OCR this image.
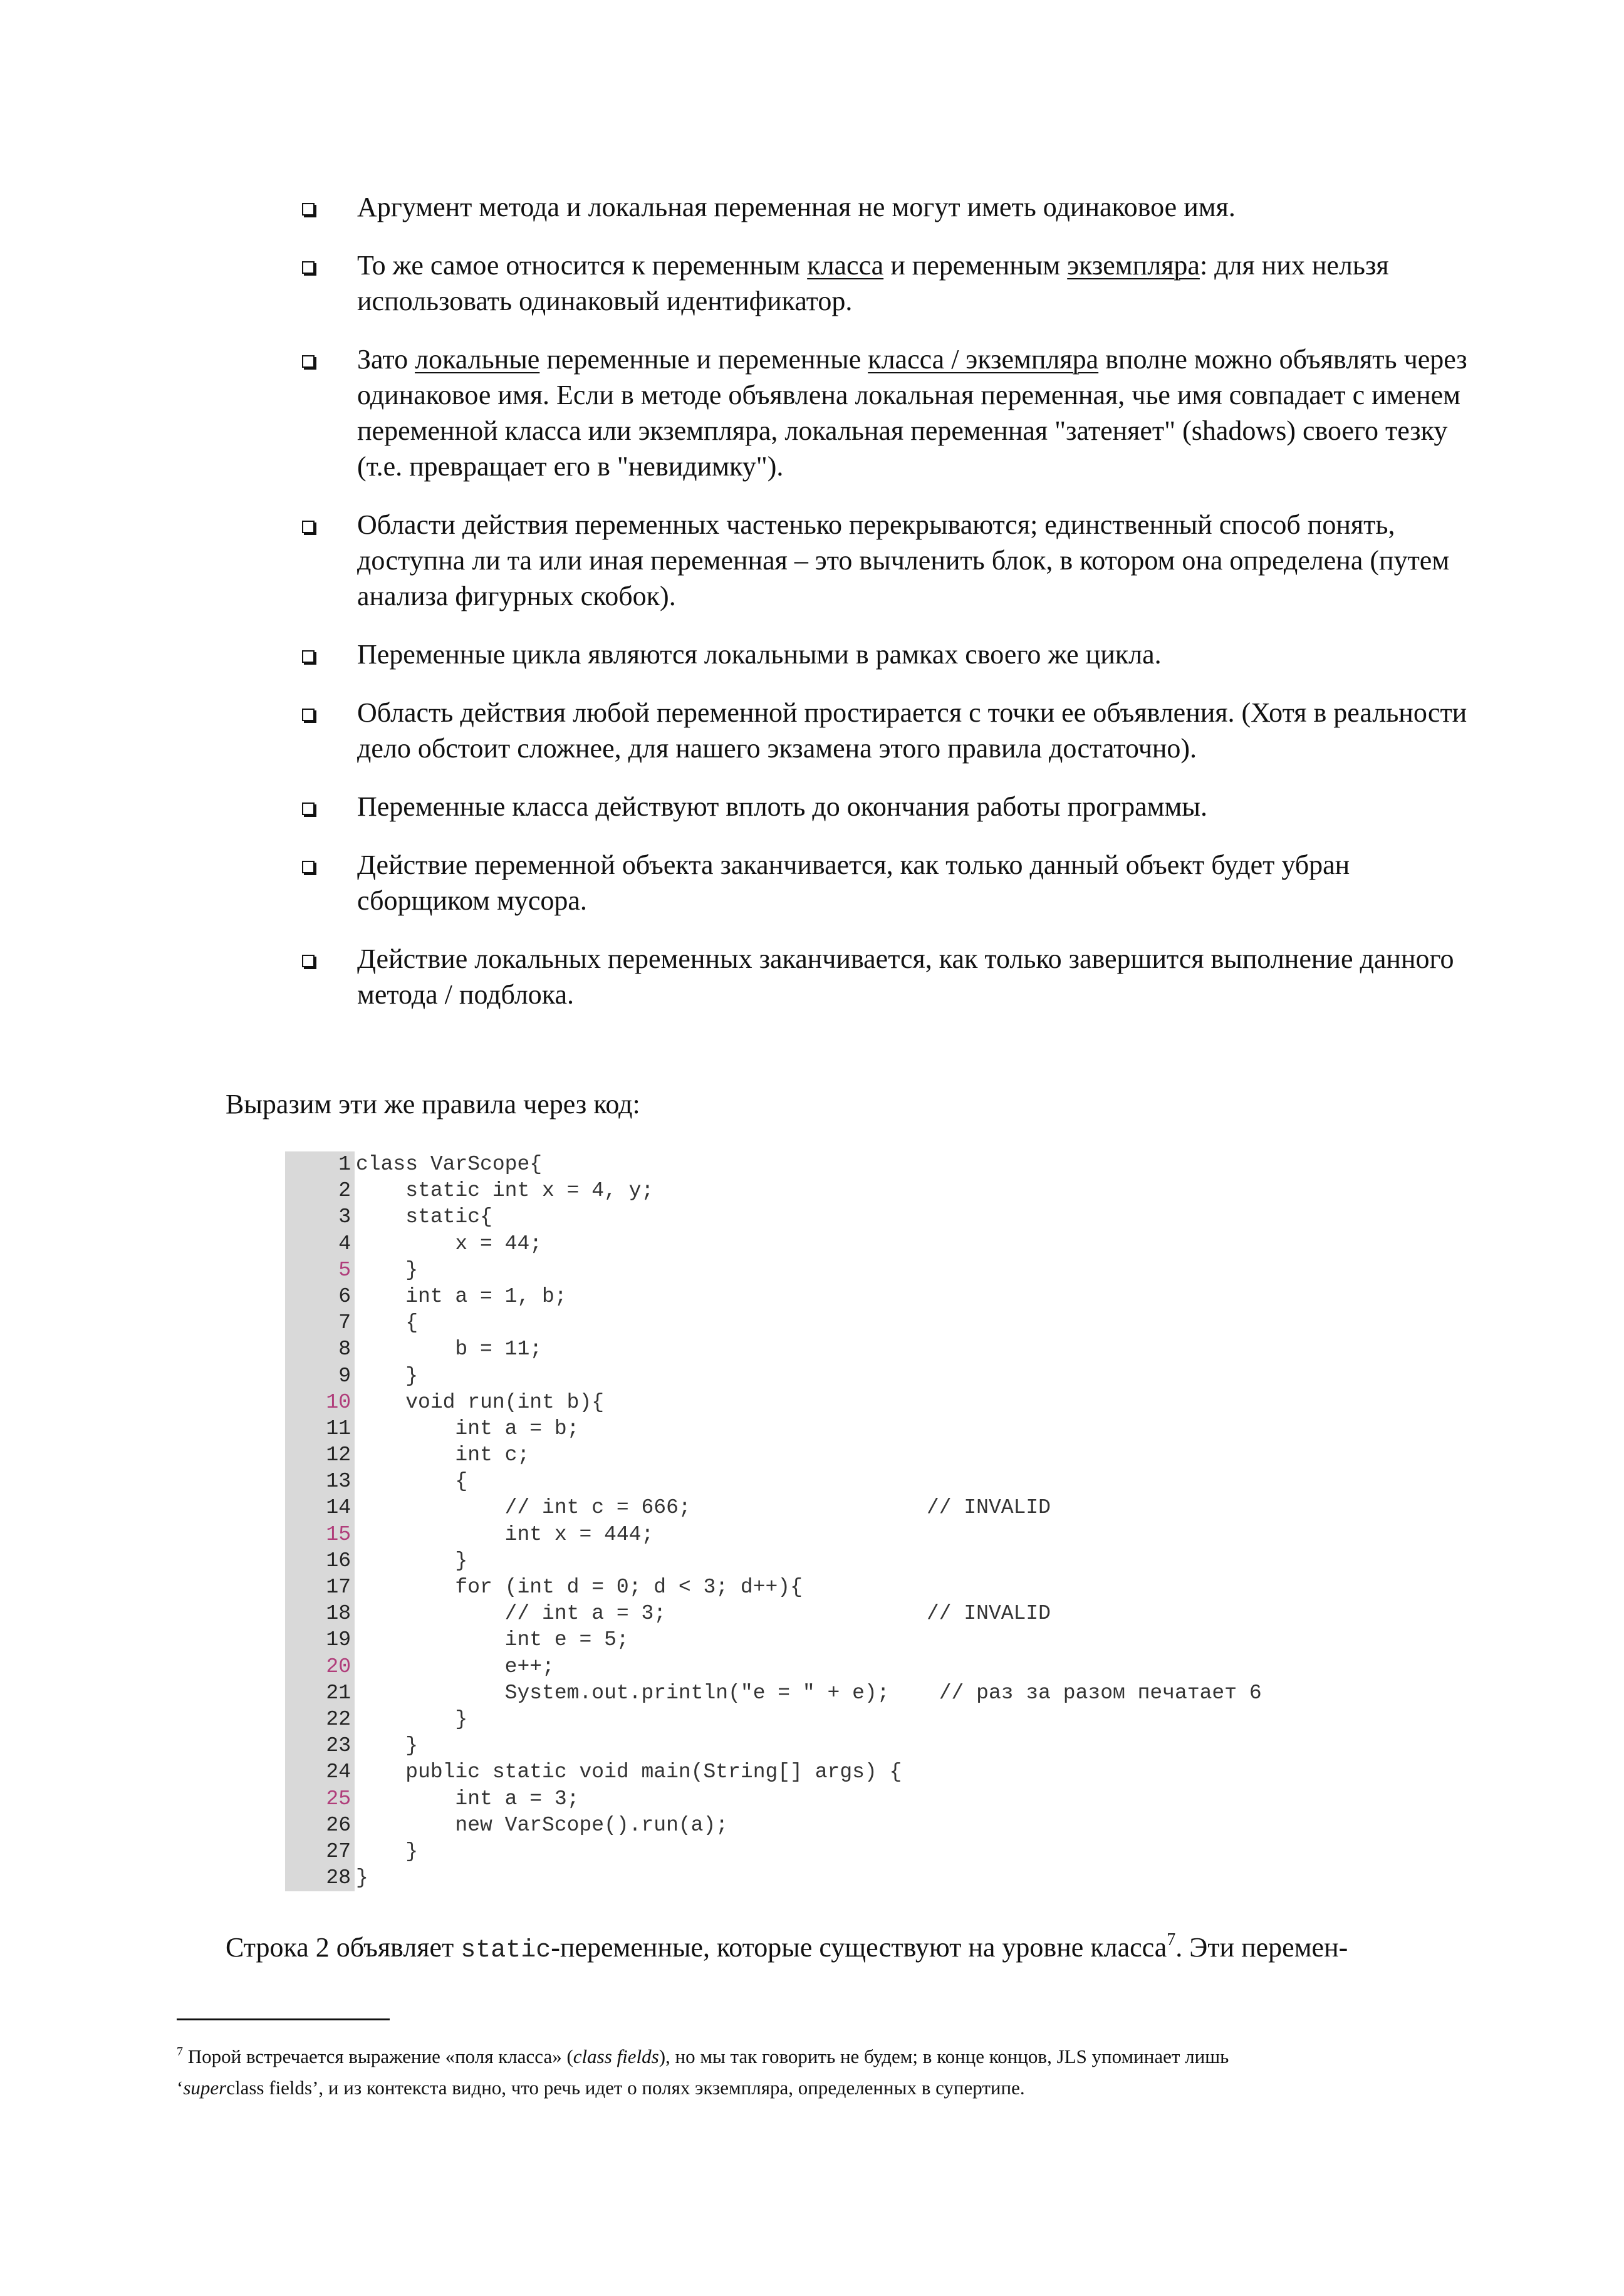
Аргумент метода и локальная переменная не могут иметь одинаковое имя.
То же самое относится к переменным класса и переменным экземпляра: для них нельзя использовать одинаковый идентификатор.
Зато локальные переменные и переменные класса / экземпляра вполне можно объявлять через одинаковое имя. Если в методе объявлена локальная переменная, чье имя совпадает с именем переменной класса или экземпляра, локальная переменная "затеняет" (shadows) своего тезку (т.е. превращает его в "невидимку").
Области действия переменных частенько перекрываются; единственный способ понять, доступна ли та или иная переменная – это вычленить блок, в котором она определена (путем анализа фигурных скобок).
Переменные цикла являются локальными в рамках своего же цикла.
Область действия любой переменной простирается с точки ее объявления. (Хотя в реальности дело обстоит сложнее, для нашего экзамена этого правила достаточно).
Переменные класса действуют вплоть до окончания работы программы.
Действие переменной объекта заканчивается, как только данный объект будет убран сборщиком мусора.
Действие локальных переменных заканчивается, как только завершится выполнение данного метода / подблока.
Выразим эти же правила через код:
1 class VarScope{
2 static int x = 4, y;
3 static{
4 x = 44;
5 }
6 int a = 1, b;
7 {
8 b = 11;
9 }
10 void run(int b){
11 int a = b;
12 int c;
13 {
14 // int c = 666;                   // INVALID
15 int x = 444;
16 }
17 for (int d = 0; d < 3; d++){
18 // int a = 3;                     // INVALID
19 int e = 5;
20 e++;
21 System.out.println("e = " + e);    // раз за разом печатает 6
22 }
23 }
24 public static void main(String[] args) {
25 int a = 3;
26 new VarScope().run(a);
27 }
28 }
Строка 2 объявляет static-переменные, которые существуют на уровне класса$^7$. Эти перемен-
$^7$ Порой встречается выражение «поля класса» (class fields), но мы так говорить не будем; в конце концов, JLS упоминает лишь
‘superclass fields’, и из контекста видно, что речь идет о полях экземпляра, определенных в супертипе.
